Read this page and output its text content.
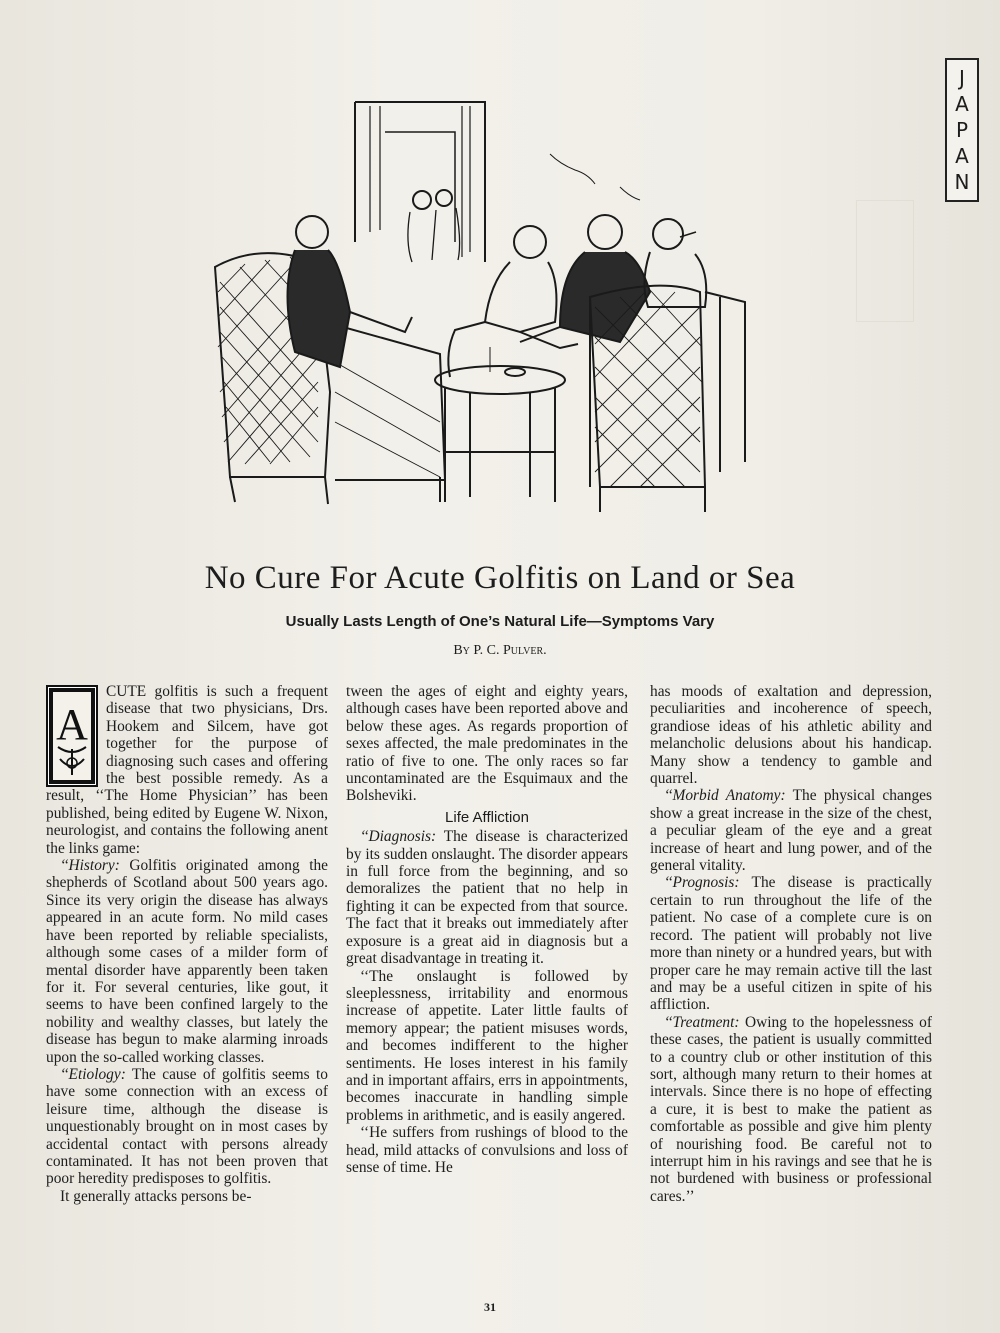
J
A
P
A
N
No Cure For Acute Golfitis on Land or Sea
Usually Lasts Length of One’s Natural Life—Symptoms Vary
By P. C. Pulver.
A

CUTE golfitis is such a frequent disease that two physicians, Drs. Hookem and Silcem, have got together for the purpose of diagnosing such cases and offering the best possible remedy. As a result, ‘‘The Home Physician’’ has been published, being edited by Eugene W. Nixon, neurologist, and contains the following anent the links game:

‘‘History: Golfitis originated among the shepherds of Scotland about 500 years ago. Since its very origin the disease has always appeared in an acute form. No mild cases have been reported by reliable specialists, although some cases of a milder form of mental disorder have apparently been taken for it. For several centuries, like gout, it seems to have been confined largely to the nobility and wealthy classes, but lately the disease has begun to make alarming inroads upon the so-called working classes.

‘‘Etiology: The cause of golfitis seems to have some connection with an excess of leisure time, although the disease is unquestionably brought on in most cases by accidental contact with persons already contaminated. It has not been proven that poor heredity predisposes to golfitis.

It generally attacks persons be-

tween the ages of eight and eighty years, although cases have been reported above and below these ages. As regards proportion of sexes affected, the male predominates in the ratio of five to one. The only races so far uncontaminated are the Esquimaux and the Bolsheviki.

Life Affliction

‘‘Diagnosis: The disease is characterized by its sudden onslaught. The disorder appears in full force from the beginning, and so demoralizes the patient that no help in fighting it can be expected from that source. The fact that it breaks out immediately after exposure is a great aid in diagnosis but a great disadvantage in treating it.

‘‘The onslaught is followed by sleeplessness, irritability and enormous increase of appetite. Later little faults of memory appear; the patient misuses words, and becomes indifferent to the higher sentiments. He loses interest in his family and in important affairs, errs in appointments, becomes inaccurate in handling simple problems in arithmetic, and is easily angered.

‘‘He suffers from rushings of blood to the head, mild attacks of convulsions and loss of sense of time. He

has moods of exaltation and depression, peculiarities and incoherence of speech, grandiose ideas of his athletic ability and melancholic delusions about his handicap. Many show a tendency to gamble and quarrel.

‘‘Morbid Anatomy: The physical changes show a great increase in the size of the chest, a peculiar gleam of the eye and a great increase of heart and lung power, and of the general vitality.

‘‘Prognosis: The disease is practically certain to run throughout the life of the patient. No case of a complete cure is on record. The patient will probably not live more than ninety or a hundred years, but with proper care he may remain active till the last and may be a useful citizen in spite of his affliction.

‘‘Treatment: Owing to the hopelessness of these cases, the patient is usually committed to a country club or other institution of this sort, although many return to their homes at intervals. Since there is no hope of effecting a cure, it is best to make the patient as comfortable as possible and give him plenty of nourishing food. Be careful not to interrupt him in his ravings and see that he is not burdened with business or professional cares.’’

31
